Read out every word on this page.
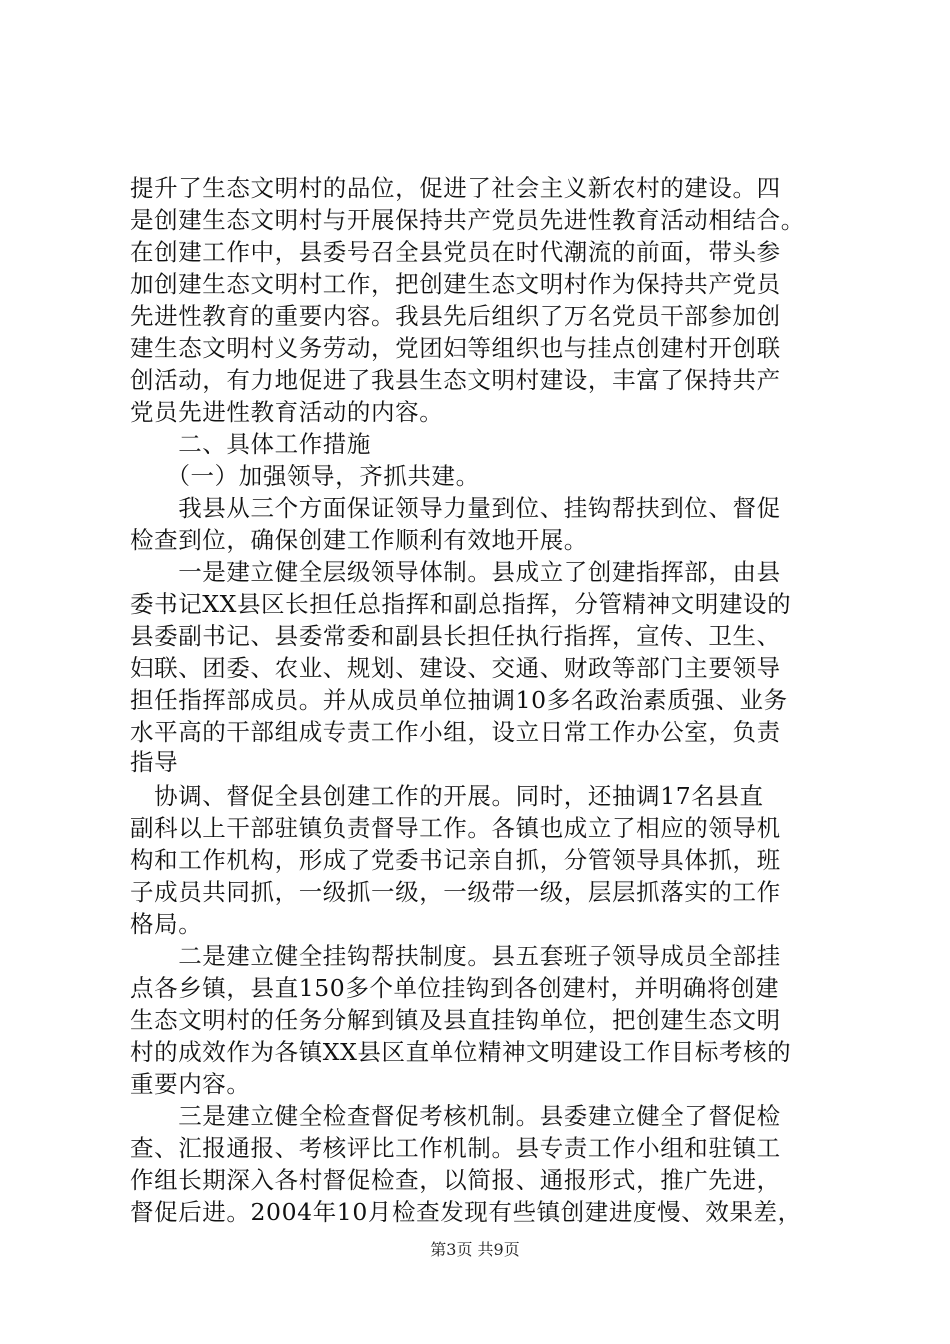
提升了生态文明村的品位，促进了社会主义新农村的建设。四
是创建生态文明村与开展保持共产党员先进性教育活动相结合。
在创建工作中，县委号召全县党员在时代潮流的前面，带头参
加创建生态文明村工作，把创建生态文明村作为保持共产党员
先进性教育的重要内容。我县先后组织了万名党员干部参加创
建生态文明村义务劳动，党团妇等组织也与挂点创建村开创联
创活动，有力地促进了我县生态文明村建设，丰富了保持共产
党员先进性教育活动的内容。
　　二、具体工作措施
　　（一）加强领导，齐抓共建。
　　我县从三个方面保证领导力量到位、挂钩帮扶到位、督促
检查到位，确保创建工作顺利有效地开展。
　　一是建立健全层级领导体制。县成立了创建指挥部，由县
委书记XX县区长担任总指挥和副总指挥，分管精神文明建设的
县委副书记、县委常委和副县长担任执行指挥，宣传、卫生、
妇联、团委、农业、规划、建设、交通、财政等部门主要领导
担任指挥部成员。并从成员单位抽调10多名政治素质强、业务
水平高的干部组成专责工作小组，设立日常工作办公室，负责
指导
　协调、督促全县创建工作的开展。同时，还抽调17名县直
副科以上干部驻镇负责督导工作。各镇也成立了相应的领导机
构和工作机构，形成了党委书记亲自抓，分管领导具体抓，班
子成员共同抓，一级抓一级，一级带一级，层层抓落实的工作
格局。
　　二是建立健全挂钩帮扶制度。县五套班子领导成员全部挂
点各乡镇，县直150多个单位挂钩到各创建村，并明确将创建
生态文明村的任务分解到镇及县直挂钩单位，把创建生态文明
村的成效作为各镇XX县区直单位精神文明建设工作目标考核的
重要内容。
　　三是建立健全检查督促考核机制。县委建立健全了督促检
查、汇报通报、考核评比工作机制。县专责工作小组和驻镇工
作组长期深入各村督促检查，以简报、通报形式，推广先进，
督促后进。2004年10月检查发现有些镇创建进度慢、效果差，
第3页 共9页
